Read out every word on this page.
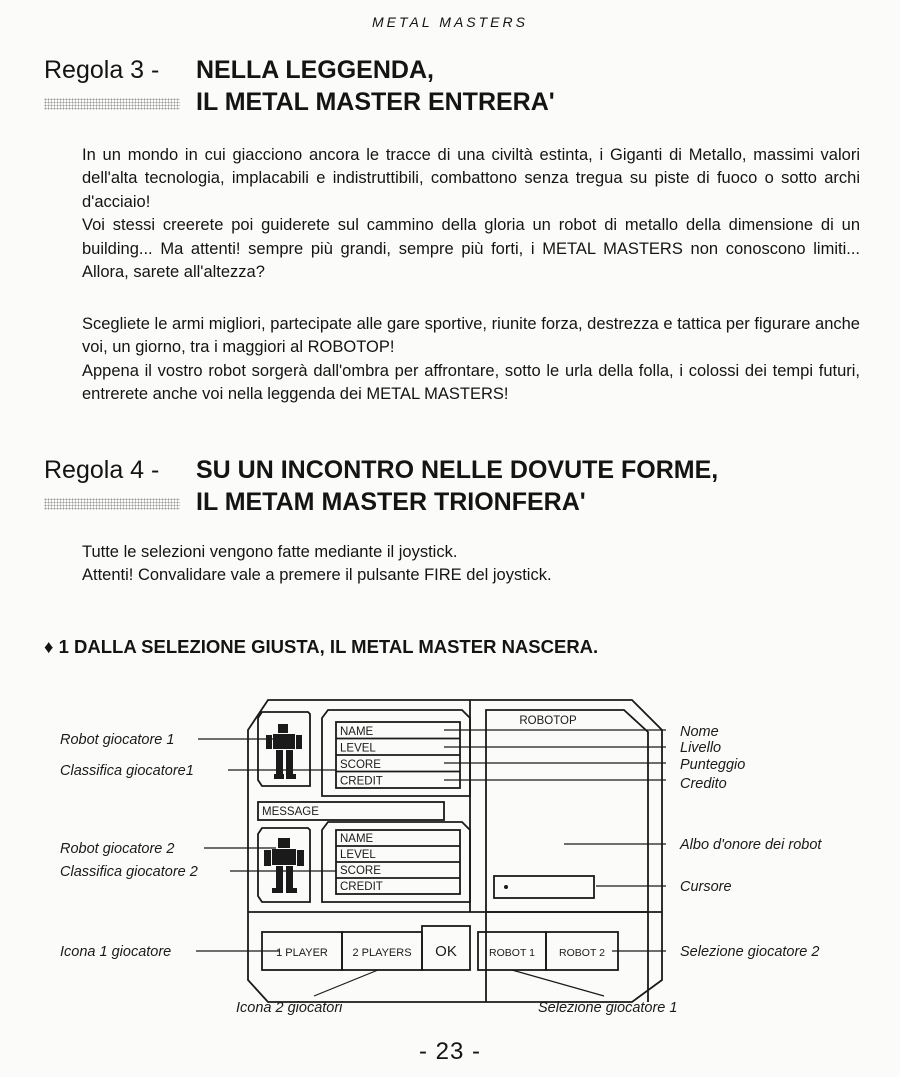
METAL MASTERS
Regola 3 - NELLA LEGGENDA,
IL METAL MASTER ENTRERA'

In un mondo in cui giacciono ancora le tracce di una civiltà estinta, i Giganti di Metallo, massimi valori dell'alta tecnologia, implacabili e indistruttibili, combattono senza tregua su piste di fuoco o sotto archi d'acciaio!

Voi stessi creerete poi guiderete sul cammino della gloria un robot di metallo della dimensione di un building... Ma attenti! sempre più grandi, sempre più forti, i METAL MASTERS non conoscono limiti... Allora, sarete all'altezza?

Scegliete le armi migliori, partecipate alle gare sportive, riunite forza, destrezza e tattica per figurare anche voi, un giorno, tra i maggiori al ROBOTOP!

Appena il vostro robot sorgerà dall'ombra per affrontare, sotto le urla della folla, i colossi dei tempi futuri, entrerete anche voi nella leggenda dei METAL MASTERS!

Regola 4 - SU UN INCONTRO NELLE DOVUTE FORME,
IL METAM MASTER TRIONFERA'

Tutte le selezioni vengono fatte mediante il joystick.

Attenti! Convalidare vale a premere il pulsante FIRE del joystick.

♦ 1 DALLA SELEZIONE GIUSTA, IL METAL MASTER NASCERA.
NAME
LEVEL
SCORE
CREDIT
NAME
LEVEL
SCORE
CREDIT
MESSAGE
ROBOTOP
1 PLAYER 2 PLAYERS OK	ROBOT 1 ROBOT 2
Robot giocatore 1
Classifica giocatore1
Robot giocatore 2
Classifica giocatore 2
Icona 1 giocatore
Nome
Livello
Punteggio
Credito
Albo d'onore dei robot
Cursore
Selezione giocatore 2
Icona 2 giocatori	Selezione giocatore 1
- 23 -
